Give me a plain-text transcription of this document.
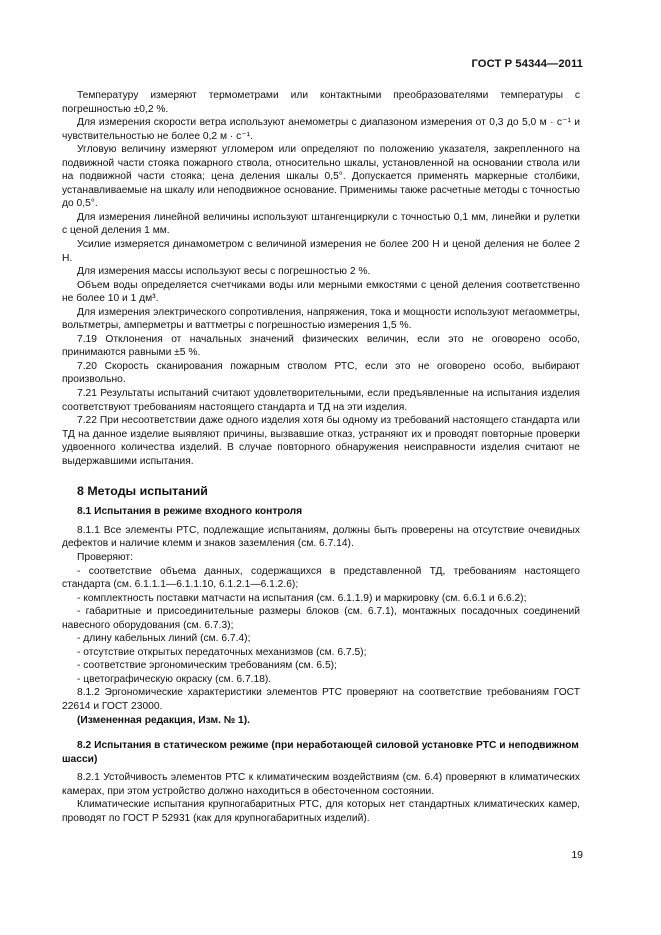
ГОСТ Р 54344—2011

Температуру измеряют термометрами или контактными преобразователями температуры с погрешностью ±0,2 %.

Для измерения скорости ветра используют анемометры с диапазоном измерения от 0,3 до 5,0 м · с⁻¹ и чувствительностью не более 0,2 м · с⁻¹.

Угловую величину измеряют угломером или определяют по положению указателя, закрепленного на подвижной части стояка пожарного ствола, относительно шкалы, установленной на основании ствола или на подвижной части стояка; цена деления шкалы 0,5°. Допускается применять маркерные столбики, устанавливаемые на шкалу или неподвижное основание. Применимы также расчетные методы с точностью до 0,5°.

Для измерения линейной величины используют штангенциркули с точностью 0,1 мм, линейки и рулетки с ценой деления 1 мм.

Усилие измеряется динамометром с величиной измерения не более 200 Н и ценой деления не более 2 Н.

Для измерения массы используют весы с погрешностью 2 %.

Объем воды определяется счетчиками воды или мерными емкостями с ценой деления соответственно не более 10 и 1 дм³.

Для измерения электрического сопротивления, напряжения, тока и мощности используют мегаомметры, вольтметры, амперметры и ваттметры с погрешностью измерения 1,5 %.

7.19 Отклонения от начальных значений физических величин, если это не оговорено особо, принимаются равными ±5 %.

7.20 Скорость сканирования пожарным стволом РТС, если это не оговорено особо, выбирают произвольно.

7.21 Результаты испытаний считают удовлетворительными, если предъявленные на испытания изделия соответствуют требованиям настоящего стандарта и ТД на эти изделия.

7.22 При несоответствии даже одного изделия хотя бы одному из требований настоящего стандарта или ТД на данное изделие выявляют причины, вызвавшие отказ, устраняют их и проводят повторные проверки удвоенного количества изделий. В случае повторного обнаружения неисправности изделия считают не выдержавшими испытания.

8 Методы испытаний
8.1 Испытания в режиме входного контроля

8.1.1 Все элементы РТС, подлежащие испытаниям, должны быть проверены на отсутствие очевидных дефектов и наличие клемм и знаков заземления (см. 6.7.14).

Проверяют:

- соответствие объема данных, содержащихся в представленной ТД, требованиям настоящего стандарта (см. 6.1.1.1—6.1.1.10, 6.1.2.1—6.1.2.6);

- комплектность поставки матчасти на испытания (см. 6.1.1.9) и маркировку (см. 6.6.1 и 6.6.2);

- габаритные и присоединительные размеры блоков (см. 6.7.1), монтажных посадочных соединений навесного оборудования (см. 6.7.3);

- длину кабельных линий (см. 6.7.4);

- отсутствие открытых передаточных механизмов (см. 6.7.5);

- соответствие эргономическим требованиям (см. 6.5);

- цветографическую окраску (см. 6.7.18).

8.1.2 Эргономические характеристики элементов РТС проверяют на соответствие требованиям ГОСТ 22614 и ГОСТ 23000.

(Измененная редакция, Изм. № 1).

8.2 Испытания в статическом режиме (при неработающей силовой установке РТС и неподвижном шасси)

8.2.1 Устойчивость элементов РТС к климатическим воздействиям (см. 6.4) проверяют в климатических камерах, при этом устройство должно находиться в обесточенном состоянии.

Климатические испытания крупногабаритных РТС, для которых нет стандартных климатических камер, проводят по ГОСТ Р 52931 (как для крупногабаритных изделий).

19
